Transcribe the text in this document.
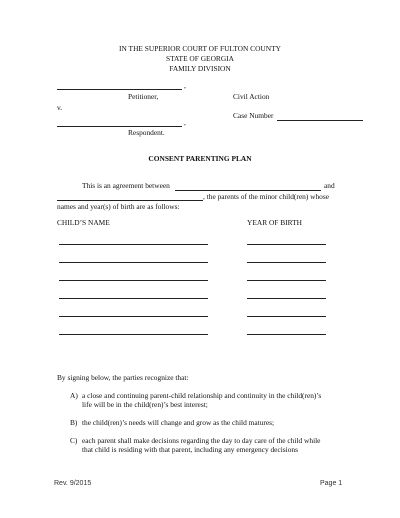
IN THE SUPERIOR COURT OF FULTON COUNTY
STATE OF GEORGIA
FAMILY DIVISION
,
Petitioner,	Civil Action
v.
Case Number
,
Respondent.
CONSENT PARENTING PLAN
This is an agreement between	and
, the parents of the minor child(ren) whose
names and year(s) of birth are as follows:
CHILD’S NAME	YEAR OF BIRTH
By signing below, the parties recognize that:
A) a close and continuing parent-child relationship and continuity in the child(ren)’s
life will be in the child(ren)’s best interest;
B) the child(ren)’s needs will change and grow as the child matures;
C) each parent shall make decisions regarding the day to day care of the child while
that child is residing with that parent, including any emergency decisions
Rev. 9/2015	Page 1
